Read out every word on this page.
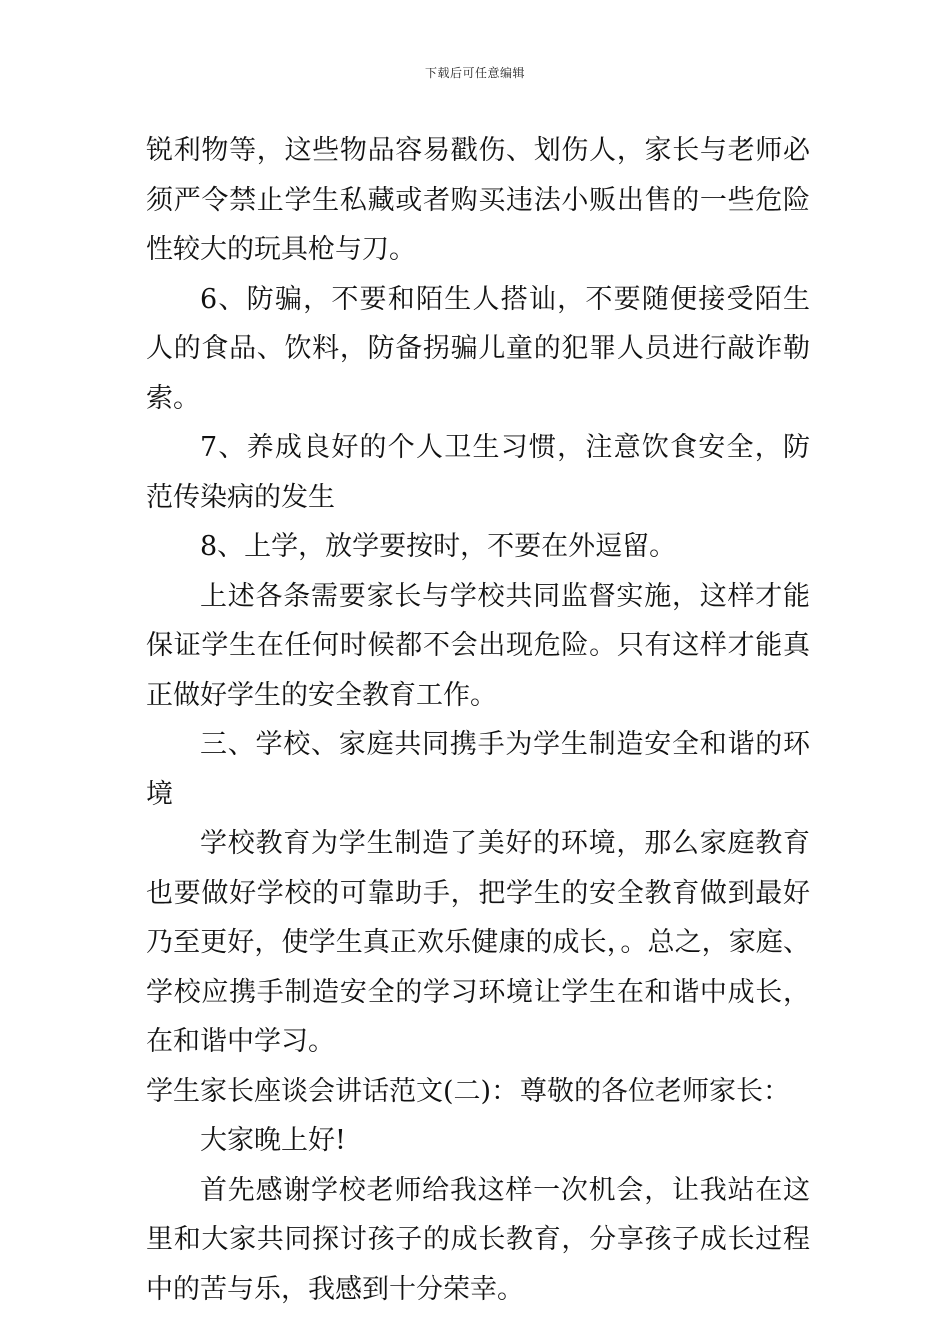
下载后可任意编辑

锐利物等，这些物品容易戳伤、划伤人，家长与老师必须严令禁止学生私藏或者购买违法小贩出售的一些危险性较大的玩具枪与刀。

6、防骗，不要和陌生人搭讪，不要随便接受陌生人的食品、饮料，防备拐骗儿童的犯罪人员进行敲诈勒索。

7、养成良好的个人卫生习惯，注意饮食安全，防范传染病的发生

8、上学，放学要按时，不要在外逗留。

上述各条需要家长与学校共同监督实施，这样才能保证学生在任何时候都不会出现危险。只有这样才能真正做好学生的安全教育工作。

三、学校、家庭共同携手为学生制造安全和谐的环境

学校教育为学生制造了美好的环境，那么家庭教育也要做好学校的可靠助手，把学生的安全教育做到最好乃至更好，使学生真正欢乐健康的成长，。总之，家庭、学校应携手制造安全的学习环境让学生在和谐中成长，在和谐中学习。

学生家长座谈会讲话范文(二)： 尊敬的各位老师家长：

大家晚上好!

首先感谢学校老师给我这样一次机会，让我站在这里和大家共同探讨孩子的成长教育，分享孩子成长过程中的苦与乐，我感到十分荣幸。
